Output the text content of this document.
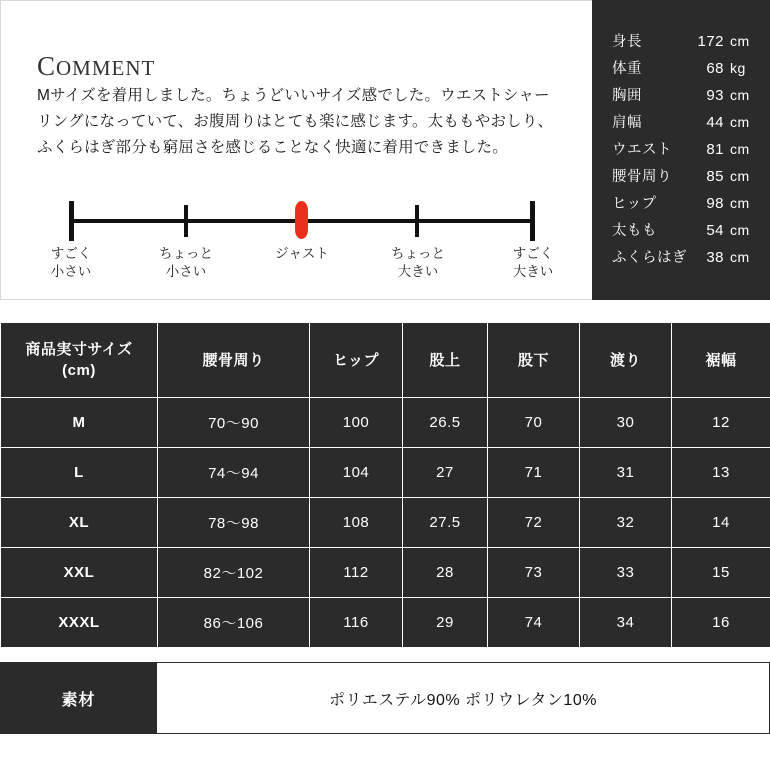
COMMENT
Mサイズを着用しました。ちょうどいいサイズ感でした。ウエストシャーリングになっていて、お腹周りはとても楽に感じます。太ももやおしり、ふくらはぎ部分も窮屈さを感じることなく快適に着用できました。
すごく
小さい
ちょっと
小さい
ジャスト	ちょっと
大きい
すごく
大きい
身長	172 cm
体重	68 kg
胸囲	93 cm
肩幅	44 cm
ウエスト	81 cm
腰骨周り	85 cm
ヒップ	98 cm
太もも	54 cm
ふくらはぎ	38 cm
商品実寸サイズ
(cm)	腰骨周り	ヒップ	股上	股下	渡り	裾幅
M	70〜90	100	26.5	70	30	12
L	74〜94	104	27	71	31	13
XL	78〜98	108	27.5	72	32	14
XXL	82〜102	112	28	73	33	15
XXXL	86〜106	116	29	74	34	16
素材	ポリエステル90% ポリウレタン10%
